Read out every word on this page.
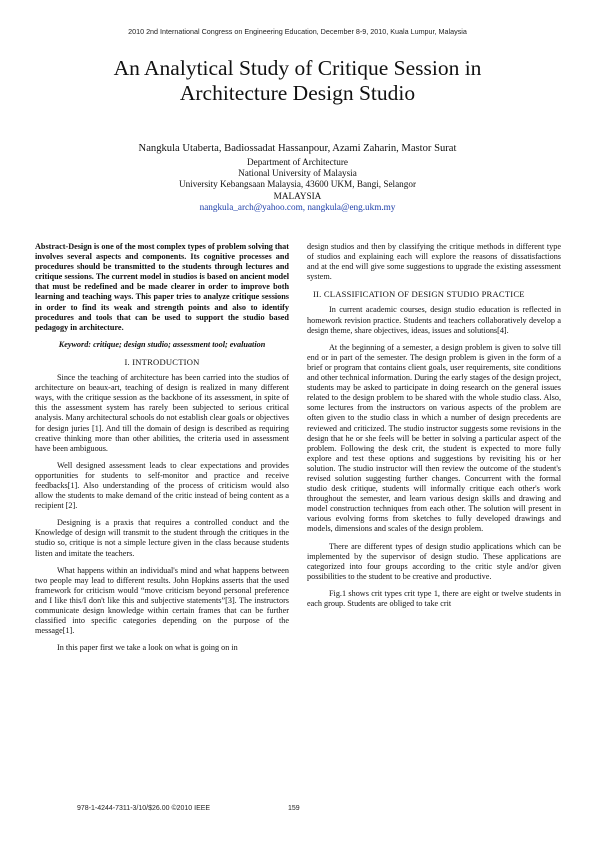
2010 2nd International Congress on Engineering Education, December 8-9, 2010, Kuala Lumpur, Malaysia
An Analytical Study of Critique Session in
Architecture Design Studio
Nangkula Utaberta, Badiossadat Hassanpour, Azami Zaharin, Mastor Surat
Department of Architecture
National University of Malaysia
University Kebangsaan Malaysia, 43600 UKM, Bangi, Selangor
MALAYSIA
nangkula_arch@yahoo.com, nangkula@eng.ukm.my

Abstract-Design is one of the most complex types of problem solving that involves several aspects and components. Its cognitive processes and procedures should be transmitted to the students through lectures and critique sessions. The current model in studios is based on ancient model that must be redefined and be made clearer in order to improve both learning and teaching ways. This paper tries to analyze critique sessions in order to find its weak and strength points and also to identify procedures and tools that can be used to support the studio based pedagogy in architecture.

Keyword: critique; design studio; assessment tool; evaluation

I. INTRODUCTION

Since the teaching of architecture has been carried into the studios of architecture on beaux-art, teaching of design is realized in many different ways, with the critique session as the backbone of its assessment, in spite of this the assessment system has rarely been subjected to serious critical analysis. Many architectural schools do not establish clear goals or objectives for design juries [1]. And till the domain of design is described as requiring creative thinking more than other abilities, the criteria used in assessment have been ambiguous.

Well designed assessment leads to clear expectations and provides opportunities for students to self-monitor and practice and receive feedbacks[1]. Also understanding of the process of criticism would also allow the students to make demand of the critic instead of being content as a recipient [2].

Designing is a praxis that requires a controlled conduct and the Knowledge of design will transmit to the student through the critiques in the studio so, critique is not a simple lecture given in the class because students listen and imitate the teachers.

What happens within an individual's mind and what happens between two people may lead to different results. John Hopkins asserts that the used framework for criticism would “move criticism beyond personal preference and I like this/I don't like this and subjective statements”[3]. The instructors communicate design knowledge within certain frames that can be further classified into specific categories depending on the purpose of the message[1].

In this paper first we take a look on what is going on in

design studios and then by classifying the critique methods in different type of studios and explaining each will explore the reasons of dissatisfactions and at the end will give some suggestions to upgrade the existing assessment system.

II. CLASSIFICATION OF DESIGN STUDIO PRACTICE

In current academic courses, design studio education is reflected in homework revision practice. Students and teachers collaboratively develop a design theme, share objectives, ideas, issues and solutions[4].

At the beginning of a semester, a design problem is given to solve till end or in part of the semester. The design problem is given in the form of a brief or program that contains client goals, user requirements, site conditions and other technical information. During the early stages of the design project, students may be asked to participate in doing research on the general issues related to the design problem to be shared with the whole studio class. Also, some lectures from the instructors on various aspects of the problem are often given to the studio class in which a number of design precedents are reviewed and criticized. The studio instructor suggests some revisions in the design that he or she feels will be better in solving a particular aspect of the problem. Following the desk crit, the student is expected to more fully explore and test these options and suggestions by revisiting his or her solution. The studio instructor will then review the outcome of the student's revised solution suggesting further changes. Concurrent with the formal studio desk critique, students will informally critique each other's work throughout the semester, and learn various design skills and drawing and model construction techniques from each other. The solution will present in various evolving forms from sketches to fully developed drawings and models, dimensions and scales of the design problem.

There are different types of design studio applications which can be implemented by the supervisor of design studio. These applications are categorized into four groups according to the critic style and/or given possibilities to the student to be creative and productive.

Fig.1 shows crit types crit type 1, there are eight or twelve students in each group. Students are obliged to take crit

978-1-4244-7311-3/10/$26.00 ©2010 IEEE	159
